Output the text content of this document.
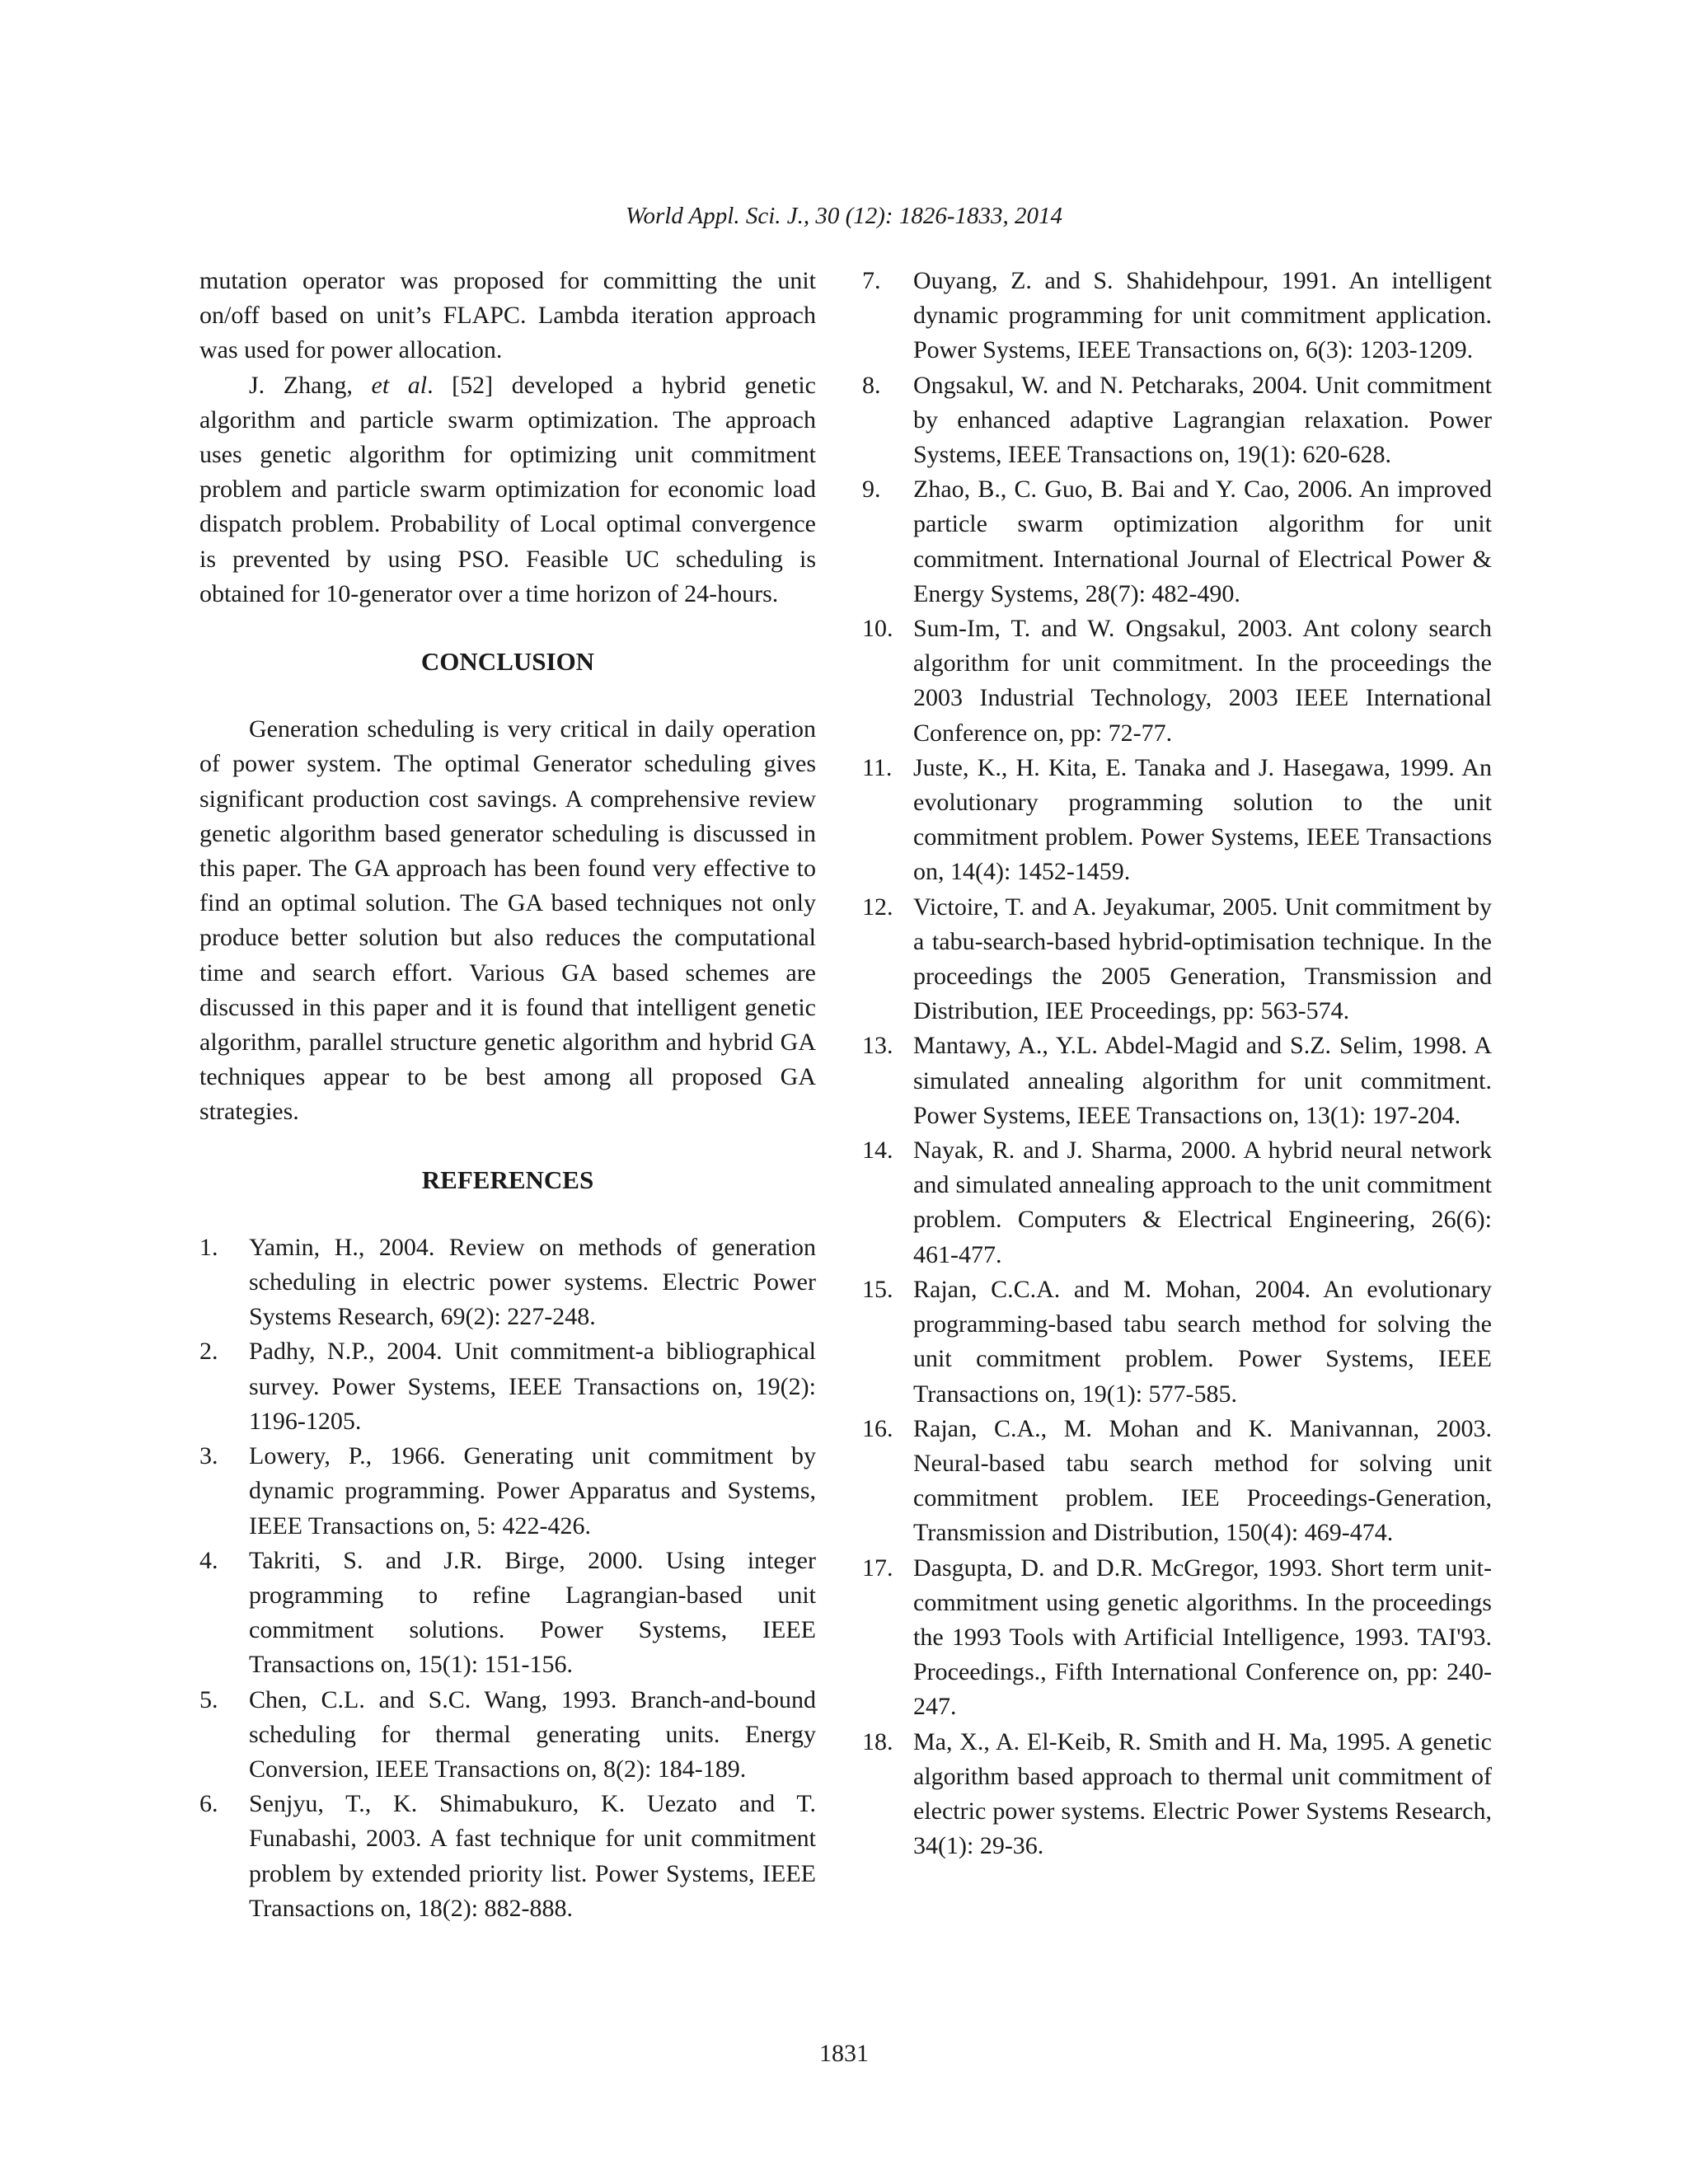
World Appl. Sci. J., 30 (12): 1826-1833, 2014

mutation operator was proposed for committing the unit on/off based on unit’s FLAPC. Lambda iteration approach was used for power allocation.

J. Zhang, et al. [52] developed a hybrid genetic algorithm and particle swarm optimization. The approach uses genetic algorithm for optimizing unit commitment problem and particle swarm optimization for economic load dispatch problem. Probability of Local optimal convergence is prevented by using PSO. Feasible UC scheduling is obtained for 10-generator over a time horizon of 24-hours.

CONCLUSION

Generation scheduling is very critical in daily operation of power system. The optimal Generator scheduling gives significant production cost savings. A comprehensive review genetic algorithm based generator scheduling is discussed in this paper. The GA approach has been found very effective to find an optimal solution. The GA based techniques not only produce better solution but also reduces the computational time and search effort. Various GA based schemes are discussed in this paper and it is found that intelligent genetic algorithm, parallel structure genetic algorithm and hybrid GA techniques appear to be best among all proposed GA strategies.

REFERENCES

1. Yamin, H., 2004. Review on methods of generation scheduling in electric power systems. Electric Power Systems Research, 69(2): 227-248.
2. Padhy, N.P., 2004. Unit commitment-a bibliographical survey. Power Systems, IEEE Transactions on, 19(2): 1196-1205.
3. Lowery, P., 1966. Generating unit commitment by dynamic programming. Power Apparatus and Systems, IEEE Transactions on, 5: 422-426.
4. Takriti, S. and J.R. Birge, 2000. Using integer programming to refine Lagrangian-based unit commitment solutions. Power Systems, IEEE Transactions on, 15(1): 151-156.
5. Chen, C.L. and S.C. Wang, 1993. Branch-and-bound scheduling for thermal generating units. Energy Conversion, IEEE Transactions on, 8(2): 184-189.
6. Senjyu, T., K. Shimabukuro, K. Uezato and T. Funabashi, 2003. A fast technique for unit commitment problem by extended priority list. Power Systems, IEEE Transactions on, 18(2): 882-888.
7. Ouyang, Z. and S. Shahidehpour, 1991. An intelligent dynamic programming for unit commitment application. Power Systems, IEEE Transactions on, 6(3): 1203-1209.
8. Ongsakul, W. and N. Petcharaks, 2004. Unit commitment by enhanced adaptive Lagrangian relaxation. Power Systems, IEEE Transactions on, 19(1): 620-628.
9. Zhao, B., C. Guo, B. Bai and Y. Cao, 2006. An improved particle swarm optimization algorithm for unit commitment. International Journal of Electrical Power & Energy Systems, 28(7): 482-490.
10. Sum-Im, T. and W. Ongsakul, 2003. Ant colony search algorithm for unit commitment. In the proceedings the 2003 Industrial Technology, 2003 IEEE International Conference on, pp: 72-77.
11. Juste, K., H. Kita, E. Tanaka and J. Hasegawa, 1999. An evolutionary programming solution to the unit commitment problem. Power Systems, IEEE Transactions on, 14(4): 1452-1459.
12. Victoire, T. and A. Jeyakumar, 2005. Unit commitment by a tabu-search-based hybrid-optimisation technique. In the proceedings the 2005 Generation, Transmission and Distribution, IEE Proceedings, pp: 563-574.
13. Mantawy, A., Y.L. Abdel-Magid and S.Z. Selim, 1998. A simulated annealing algorithm for unit commitment. Power Systems, IEEE Transactions on, 13(1): 197-204.
14. Nayak, R. and J. Sharma, 2000. A hybrid neural network and simulated annealing approach to the unit commitment problem. Computers & Electrical Engineering, 26(6): 461-477.
15. Rajan, C.C.A. and M. Mohan, 2004. An evolutionary programming-based tabu search method for solving the unit commitment problem. Power Systems, IEEE Transactions on, 19(1): 577-585.
16. Rajan, C.A., M. Mohan and K. Manivannan, 2003. Neural-based tabu search method for solving unit commitment problem. IEE Proceedings-Generation, Transmission and Distribution, 150(4): 469-474.
17. Dasgupta, D. and D.R. McGregor, 1993. Short term unit-commitment using genetic algorithms. In the proceedings the 1993 Tools with Artificial Intelligence, 1993. TAI'93. Proceedings., Fifth International Conference on, pp: 240-247.
18. Ma, X., A. El-Keib, R. Smith and H. Ma, 1995. A genetic algorithm based approach to thermal unit commitment of electric power systems. Electric Power Systems Research, 34(1): 29-36.
1831
